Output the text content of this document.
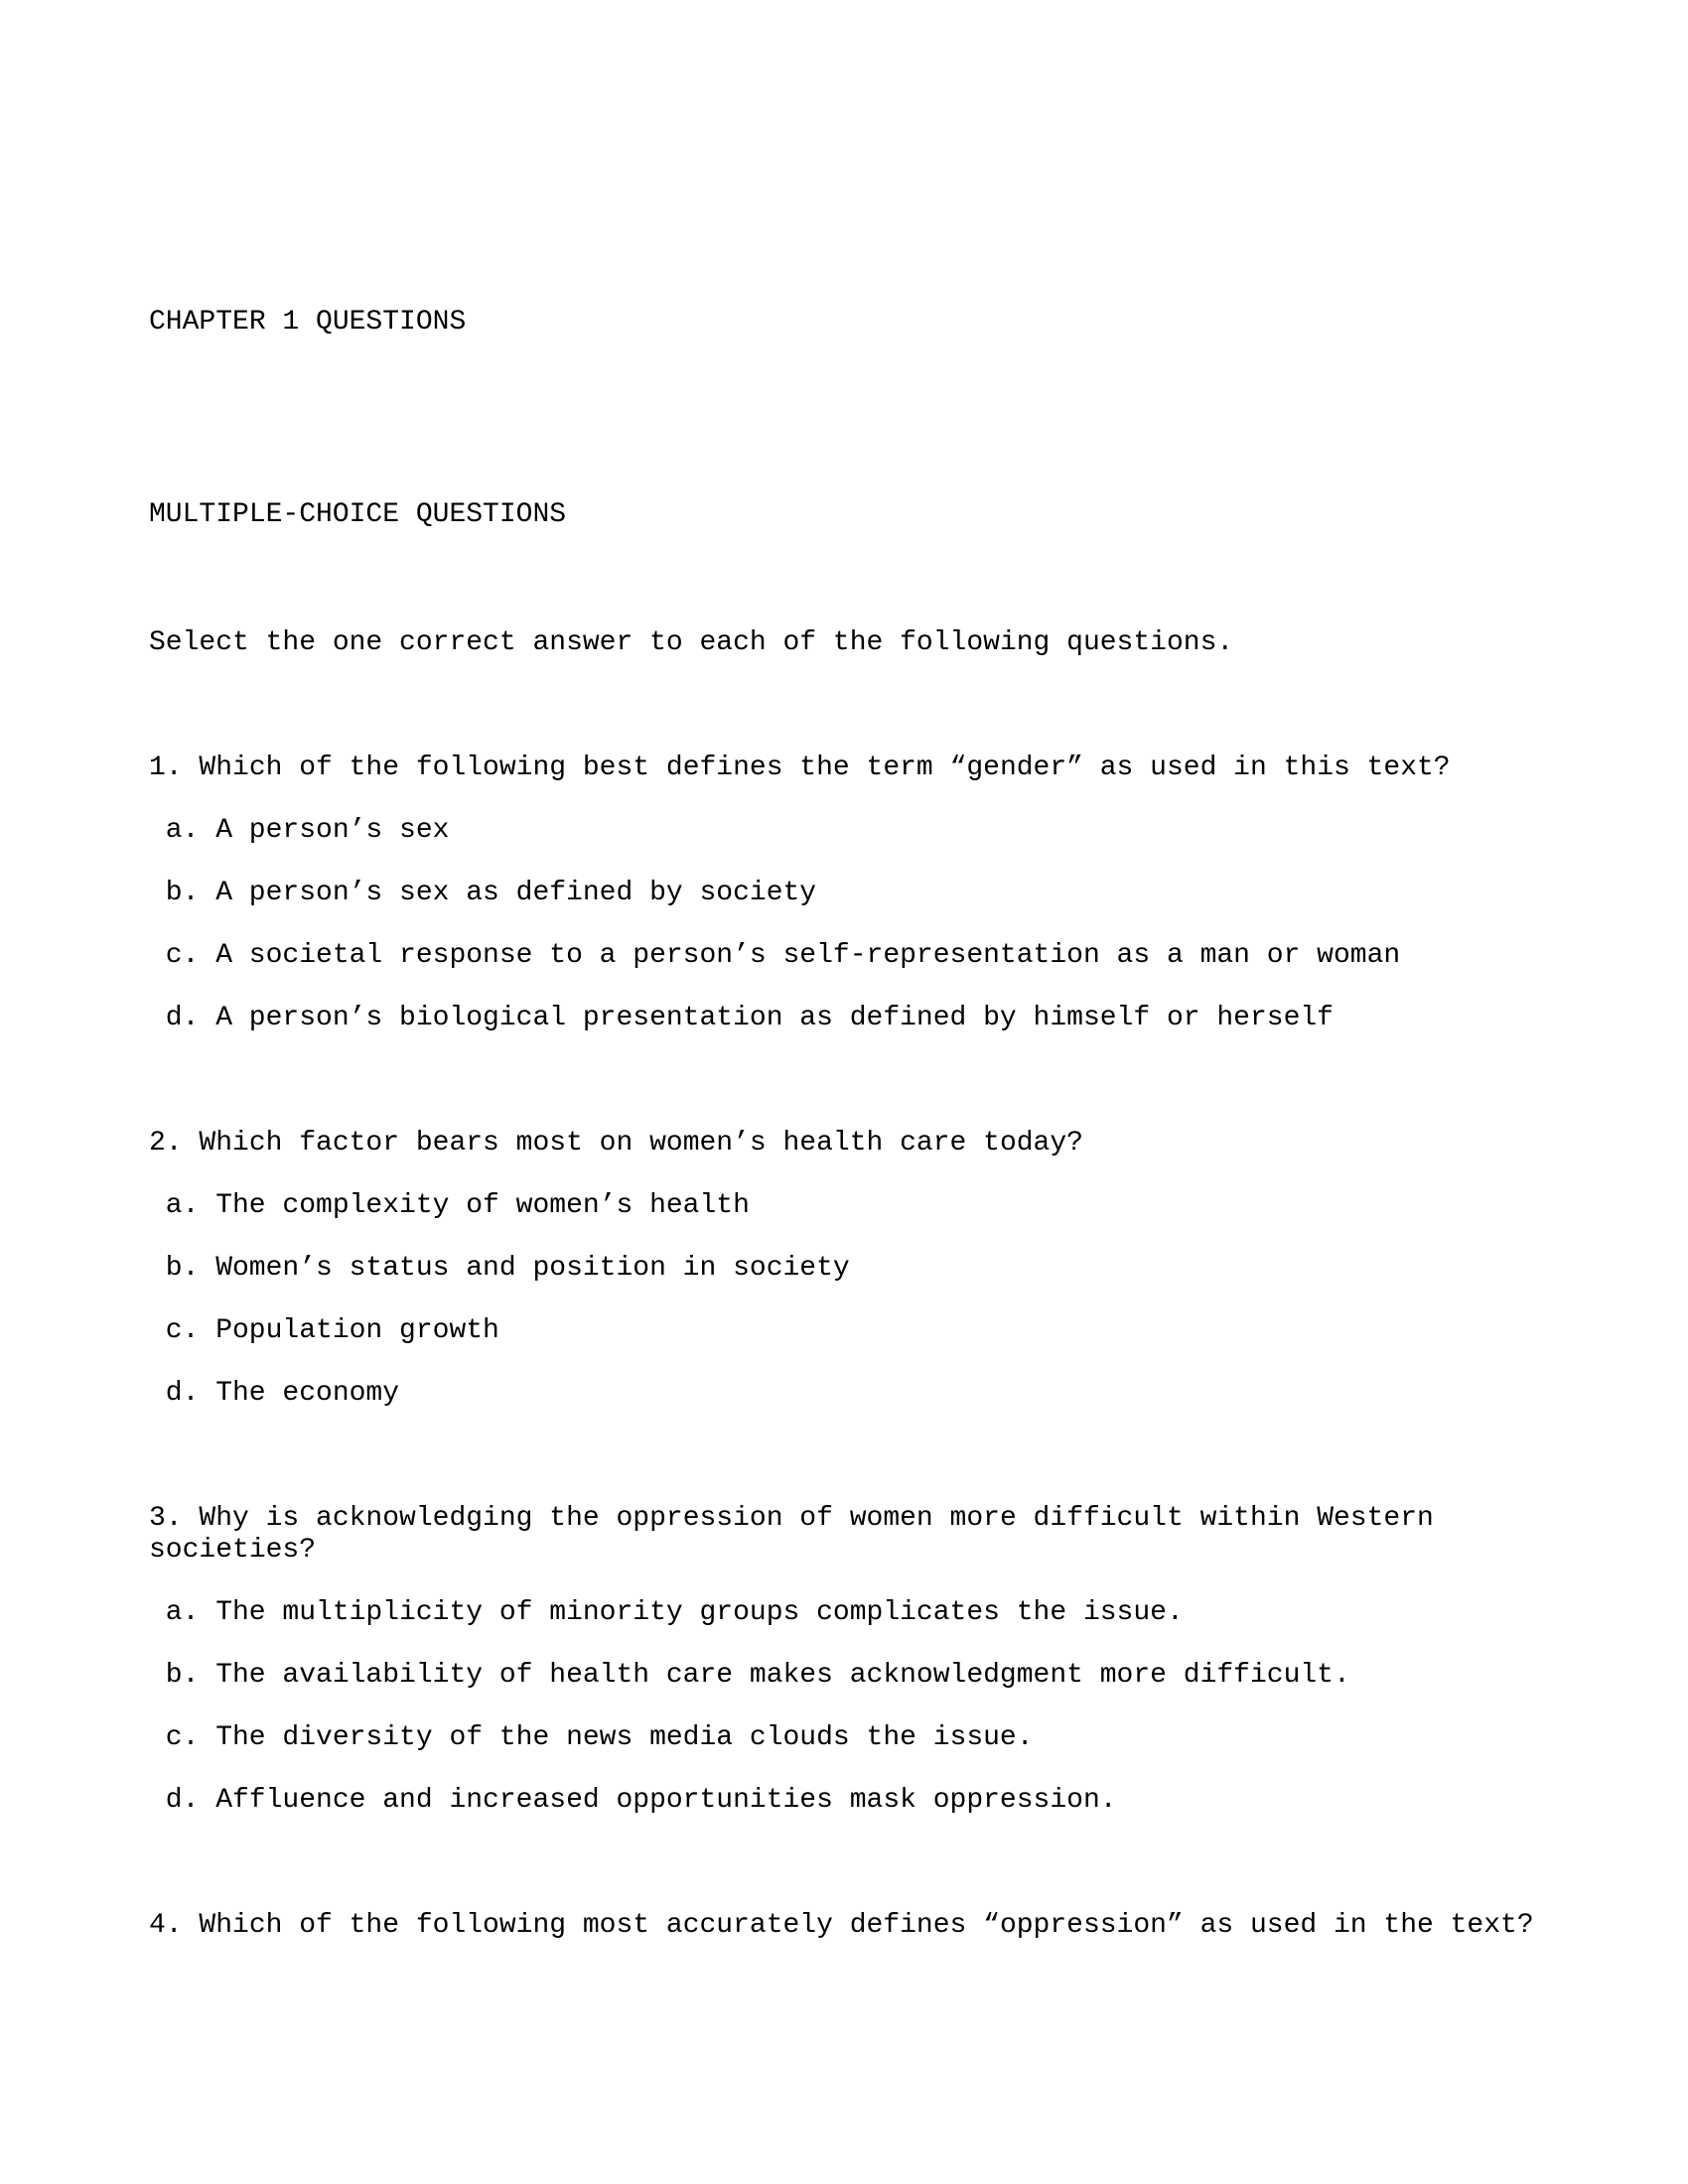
CHAPTER 1 QUESTIONS
MULTIPLE-CHOICE QUESTIONS

Select the one correct answer to each of the following questions.

1. Which of the following best defines the term “gender” as used in this text?

a. A person’s sex

b. A person’s sex as defined by society

c. A societal response to a person’s self-representation as a man or woman

d. A person’s biological presentation as defined by himself or herself

2. Which factor bears most on women’s health care today?

a. The complexity of women’s health

b. Women’s status and position in society

c. Population growth

d. The economy

3. Why is acknowledging the oppression of women more difficult within Western societies?

a. The multiplicity of minority groups complicates the issue.

b. The availability of health care makes acknowledgment more difficult.

c. The diversity of the news media clouds the issue.

d. Affluence and increased opportunities mask oppression.

4. Which of the following most accurately defines “oppression” as used in the text?
